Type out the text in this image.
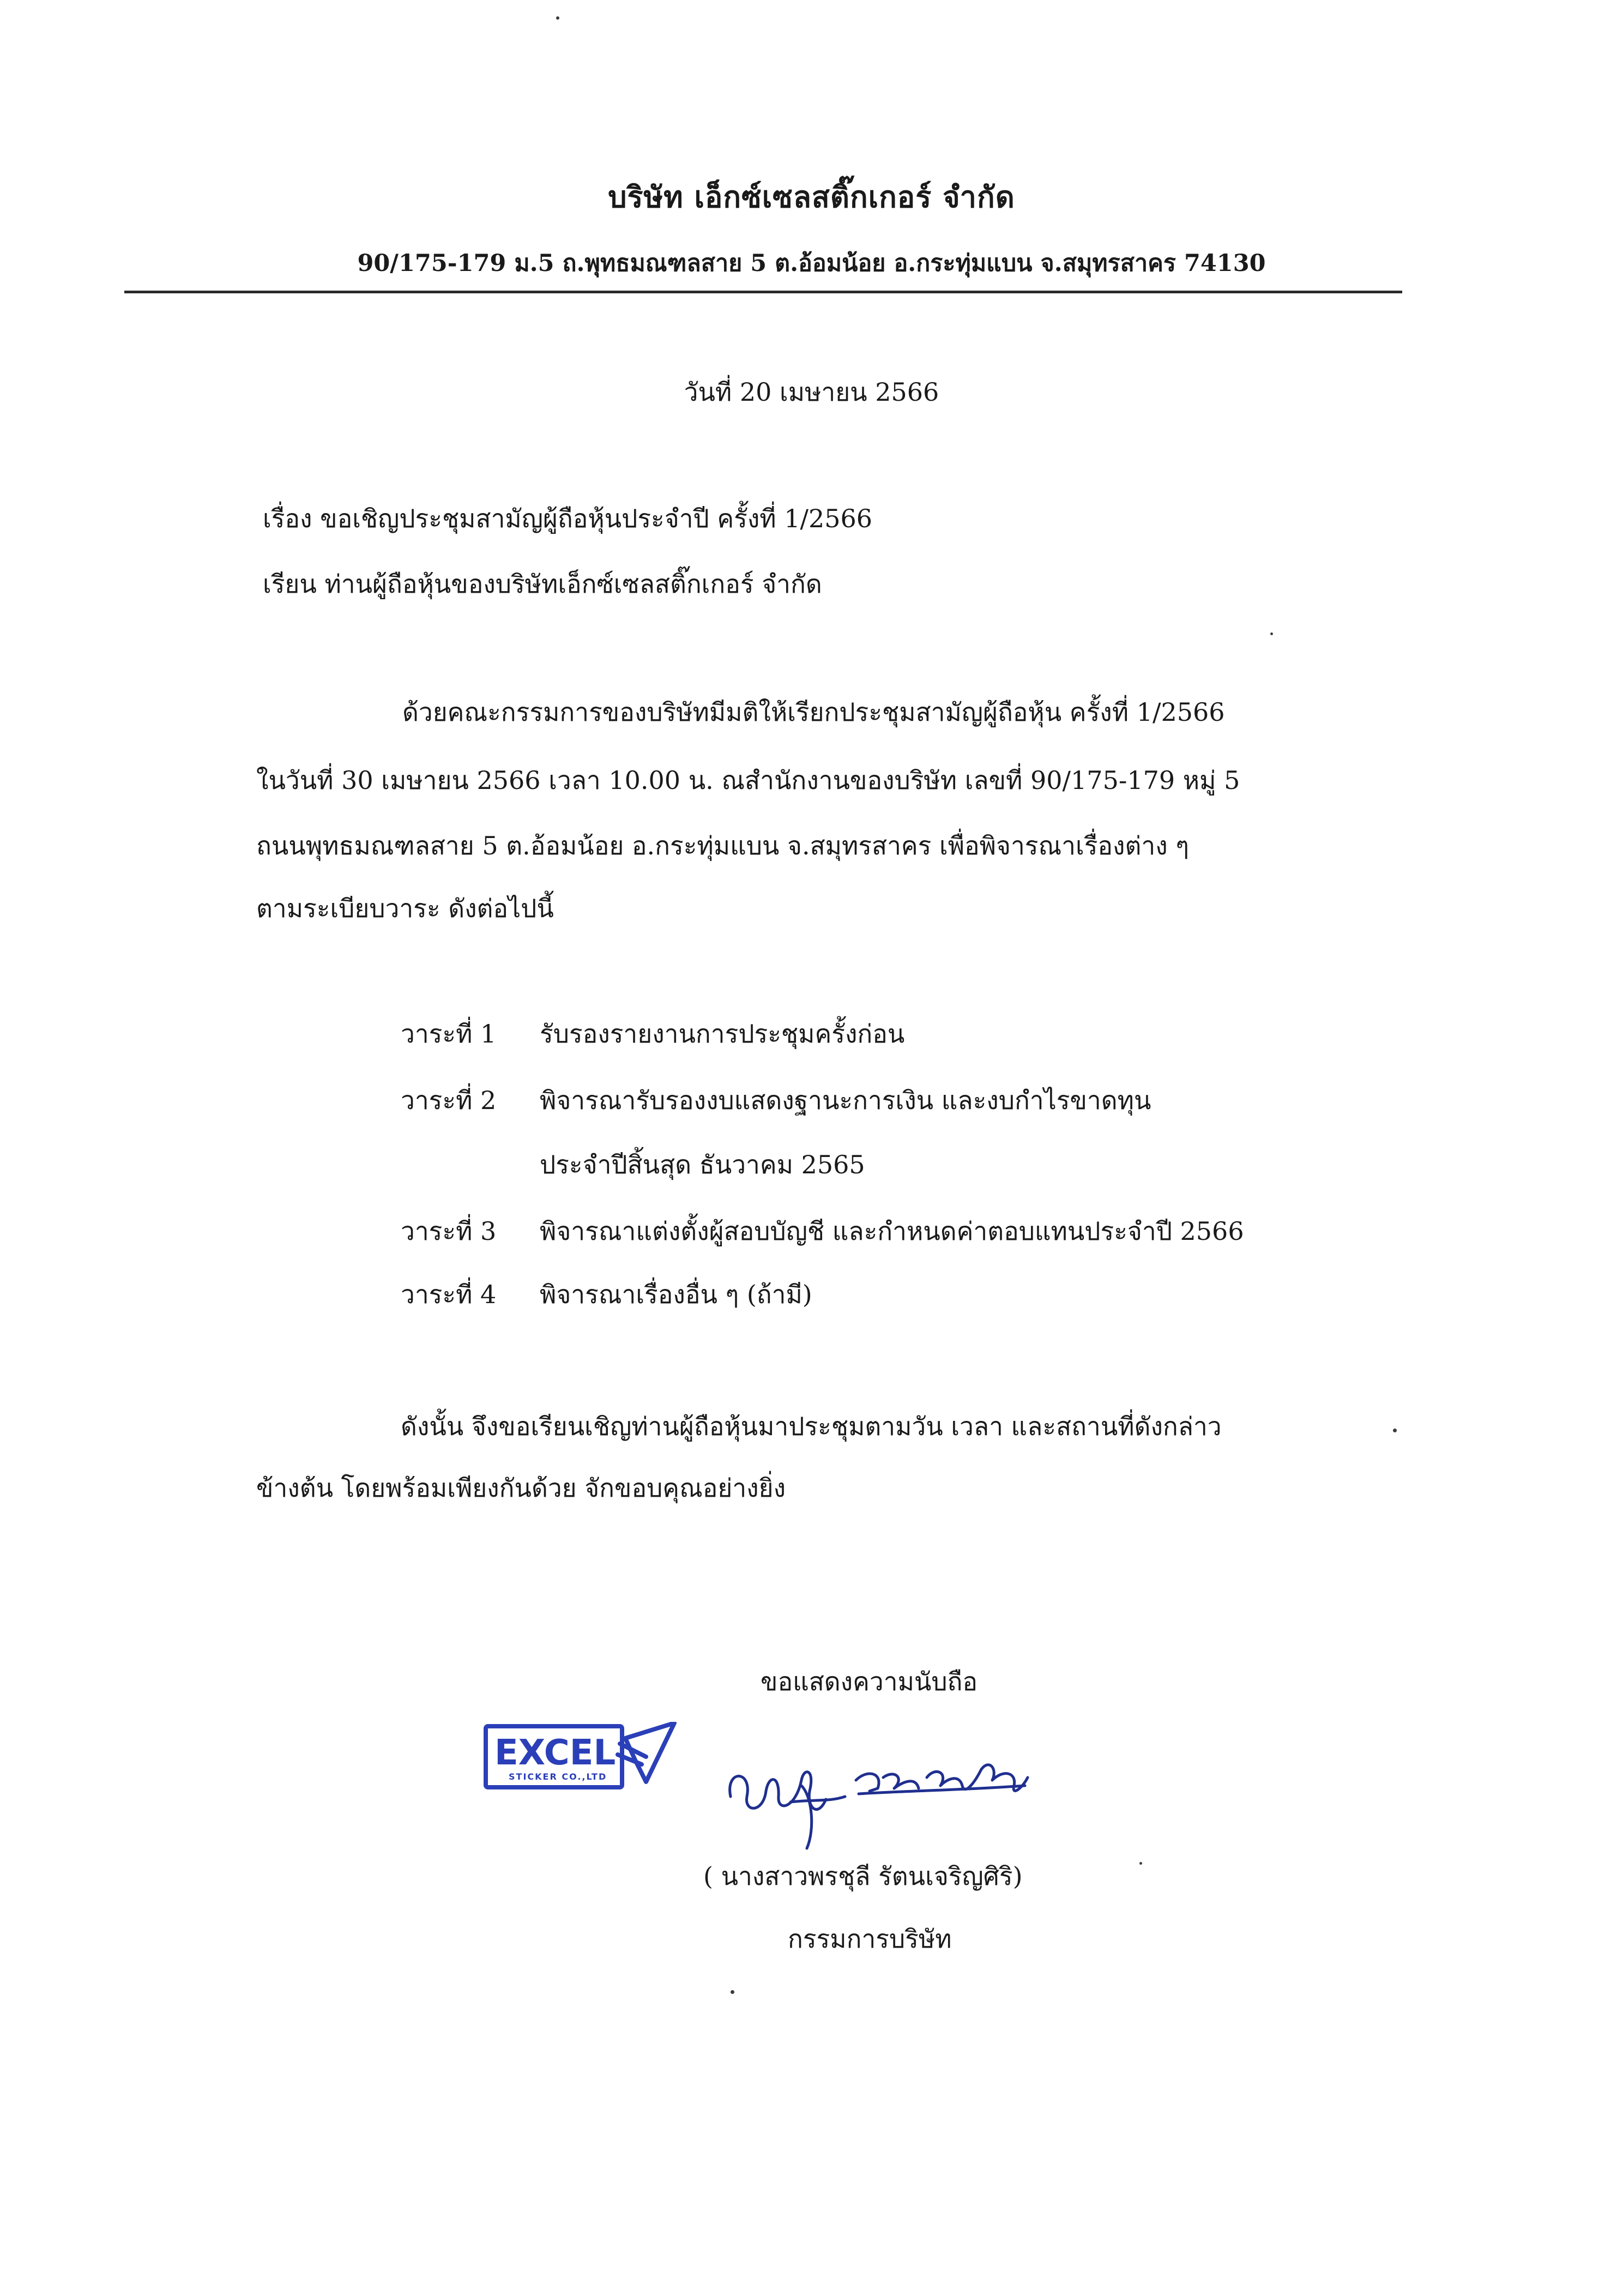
บริษัท เอ็กซ์เซลสติ๊กเกอร์ จำกัด
90/175-179 ม.5 ถ.พุทธมณฑลสาย 5 ต.อ้อมน้อย อ.กระทุ่มแบน จ.สมุทรสาคร 74130
วันที่ 20 เมษายน 2566
เรื่อง ขอเชิญประชุมสามัญผู้ถือหุ้นประจำปี ครั้งที่ 1/2566
เรียน ท่านผู้ถือหุ้นของบริษัทเอ็กซ์เซลสติ๊กเกอร์ จำกัด
ด้วยคณะกรรมการของบริษัทมีมติให้เรียกประชุมสามัญผู้ถือหุ้น ครั้งที่ 1/2566
ในวันที่ 30 เมษายน 2566 เวลา 10.00 น. ณสำนักงานของบริษัท เลขที่ 90/175-179 หมู่ 5
ถนนพุทธมณฑลสาย 5 ต.อ้อมน้อย อ.กระทุ่มแบน จ.สมุทรสาคร เพื่อพิจารณาเรื่องต่าง ๆ
ตามระเบียบวาระ ดังต่อไปนี้
วาระที่ 1 รับรองรายงานการประชุมครั้งก่อน
วาระที่ 2 พิจารณารับรองงบแสดงฐานะการเงิน และงบกำไรขาดทุน
ประจำปีสิ้นสุด ธันวาคม 2565
วาระที่ 3 พิจารณาแต่งตั้งผู้สอบบัญชี และกำหนดค่าตอบแทนประจำปี 2566
วาระที่ 4 พิจารณาเรื่องอื่น ๆ (ถ้ามี)
ดังนั้น จึงขอเรียนเชิญท่านผู้ถือหุ้นมาประชุมตามวัน เวลา และสถานที่ดังกล่าว
ข้างต้น โดยพร้อมเพียงกันด้วย จักขอบคุณอย่างยิ่ง
ขอแสดงความนับถือ
EXCEL
STICKER CO.,LTD
( นางสาวพรชุลี รัตนเจริญศิริ)
กรรมการบริษัท
